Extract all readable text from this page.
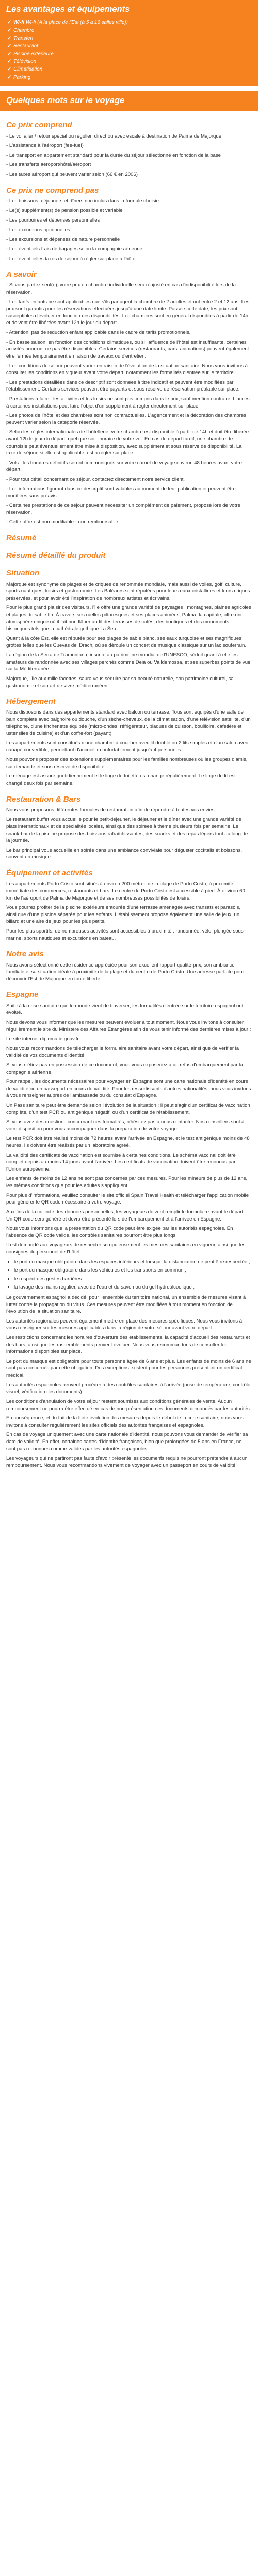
Les avantages et équipements
✓ Wi-fi Wi-fi (A la place de l'Est (à 5 à 16 salles ville))
✓ Chambre
✓ Transfert
✓ Restaurant
✓ Piscine extérieure
✓ Télévision
✓ Climatisation
✓ Parking
Quelques mots sur le voyage
Ce prix comprend

- Le vol aller / retour spécial ou régulier, direct ou avec escale à destination de Palma de Majorque

- L'assistance à l'aéroport (fee-fuel)

- Le transport en appartement standard pour la durée du séjour sélectionné en fonction de la base

- Les transferts aéroport/hôtel/aéroport

- Les taxes aéroport qui peuvent varier selon (66 € en 2006)

Ce prix ne comprend pas

- Les boissons, déjeuners et dîners non inclus dans la formule choisie

- Le(s) supplément(s) de pension possible et variable

- Les pourboires et dépenses personnelles

- Les excursions optionnelles

- Les excursions et dépenses de nature personnelle

- Les éventuels frais de bagages selon la compagnie aérienne

- Les éventuelles taxes de séjour à régler sur place à l'hôtel

A savoir

- Si vous partez seul(e), votre prix en chambre individuelle sera réajusté en cas d'indisponibilité lors de la réservation.

- Les tarifs enfants ne sont applicables que s'ils partagent la chambre de 2 adultes et ont entre 2 et 12 ans. Les prix sont garantis pour les réservations effectuées jusqu'à une date limite. Passée cette date, les prix sont susceptibles d'évoluer en fonction des disponibilités. Les chambres sont en général disponibles à partir de 14h et doivent être libérées avant 12h le jour du départ.

- Attention, pas de réduction enfant applicable dans le cadre de tarifs promotionnels.

- En basse saison, en fonction des conditions climatiques, ou si l'affluence de l'hôtel est insuffisante, certaines activités pourront ne pas être disponibles. Certains services (restaurants, bars, animations) peuvent également être fermés temporairement en raison de travaux ou d'entretien.

- Les conditions de séjour peuvent varier en raison de l'évolution de la situation sanitaire. Nous vous invitons à consulter les conditions en vigueur avant votre départ, notamment les formalités d'entrée sur le territoire.

- Les prestations détaillées dans ce descriptif sont données à titre indicatif et peuvent être modifiées par l'établissement. Certains services peuvent être payants et sous réserve de réservation préalable sur place.

- Prestations à faire : les activités et les loisirs ne sont pas compris dans le prix, sauf mention contraire. L'accès à certaines installations peut faire l'objet d'un supplément à régler directement sur place.

- Les photos de l'hôtel et des chambres sont non contractuelles. L'agencement et la décoration des chambres peuvent varier selon la catégorie réservée.

- Selon les règles internationales de l'hôtellerie, votre chambre est disponible à partir de 14h et doit être libérée avant 12h le jour du départ, quel que soit l'horaire de votre vol. En cas de départ tardif, une chambre de courtoisie peut éventuellement être mise à disposition, avec supplément et sous réserve de disponibilité. La taxe de séjour, si elle est applicable, est à régler sur place.

- Vols : les horaires définitifs seront communiqués sur votre carnet de voyage environ 48 heures avant votre départ.

- Pour tout détail concernant ce séjour, contactez directement notre service client.

- Les informations figurant dans ce descriptif sont valables au moment de leur publication et peuvent être modifiées sans préavis.

- Certaines prestations de ce séjour peuvent nécessiter un complément de paiement, proposé lors de votre réservation.

- Cette offre est non modifiable - non remboursable

Résumé
Résumé détaillé du produit
Situation

Majorque est synonyme de plages et de criques de renommée mondiale, mais aussi de voiles, golf, culture, sports nautiques, loisirs et gastronomie. Les Baléares sont réputées pour leurs eaux cristallines et leurs criques préservées, et pour avoir été l'inspiration de nombreux artistes et écrivains.

Pour le plus grand plaisir des visiteurs, l'île offre une grande variété de paysages : montagnes, plaines agricoles et plages de sable fin. À travers ses ruelles pittoresques et ses places animées, Palma, la capitale, offre une atmosphère unique où il fait bon flâner au fil des terrasses de cafés, des boutiques et des monuments historiques tels que la cathédrale gothique La Seu.

Quant à la côte Est, elle est réputée pour ses plages de sable blanc, ses eaux turquoise et ses magnifiques grottes telles que les Cuevas del Drach, où se déroule un concert de musique classique sur un lac souterrain.

La région de la Serra de Tramuntana, inscrite au patrimoine mondial de l'UNESCO, séduit quant à elle les amateurs de randonnée avec ses villages perchés comme Deià ou Valldemossa, et ses superbes points de vue sur la Méditerranée.

Majorque, l'île aux mille facettes, saura vous séduire par sa beauté naturelle, son patrimoine culturel, sa gastronomie et son art de vivre méditerranéen.

Hébergement

Nous disposons dans des appartements standard avec balcon ou terrasse. Tous sont équipés d'une salle de bain complète avec baignoire ou douche, d'un sèche-cheveux, de la climatisation, d'une télévision satellite, d'un téléphone, d'une kitchenette équipée (micro-ondes, réfrigérateur, plaques de cuisson, bouilloire, cafetière et ustensiles de cuisine) et d'un coffre-fort (payant).

Les appartements sont constitués d'une chambre à coucher avec lit double ou 2 lits simples et d'un salon avec canapé convertible, permettant d'accueillir confortablement jusqu'à 4 personnes.

Nous pouvons proposer des extensions supplémentaires pour les familles nombreuses ou les groupes d'amis, sur demande et sous réserve de disponibilité.

Le ménage est assuré quotidiennement et le linge de toilette est changé régulièrement. Le linge de lit est changé deux fois par semaine.

Restauration & Bars

Nous vous proposons différentes formules de restauration afin de répondre à toutes vos envies :

Le restaurant buffet vous accueille pour le petit-déjeuner, le déjeuner et le dîner avec une grande variété de plats internationaux et de spécialités locales, ainsi que des soirées à thème plusieurs fois par semaine. Le snack-bar de la piscine propose des boissons rafraîchissantes, des snacks et des repas légers tout au long de la journée.

Le bar principal vous accueille en soirée dans une ambiance conviviale pour déguster cocktails et boissons, souvent en musique.

Équipement et activités

Les appartements Porto Cristo sont situés à environ 200 mètres de la plage de Porto Cristo, à proximité immédiate des commerces, restaurants et bars. Le centre de Porto Cristo est accessible à pied. À environ 60 km de l'aéroport de Palma de Majorque et de ses nombreuses possibilités de loisirs.

Vous pourrez profiter de la piscine extérieure entourée d'une terrasse aménagée avec transats et parasols, ainsi que d'une piscine séparée pour les enfants. L'établissement propose également une salle de jeux, un billard et une aire de jeux pour les plus petits.

Pour les plus sportifs, de nombreuses activités sont accessibles à proximité : randonnée, vélo, plongée sous-marine, sports nautiques et excursions en bateau.

Notre avis

Nous avons sélectionné cette résidence appréciée pour son excellent rapport qualité-prix, son ambiance familiale et sa situation idéale à proximité de la plage et du centre de Porto Cristo. Une adresse parfaite pour découvrir l'Est de Majorque en toute liberté.

Espagne

Suite à la crise sanitaire que le monde vient de traverser, les formalités d'entrée sur le territoire espagnol ont évolué.

Nous devons vous informer que les mesures peuvent évoluer à tout moment. Nous vous invitons à consulter régulièrement le site du Ministère des Affaires Étrangères afin de vous tenir informé des dernières mises à jour :

Le site internet diplomatie.gouv.fr

Nous vous recommandons de télécharger le formulaire sanitaire avant votre départ, ainsi que de vérifier la validité de vos documents d'identité.

Si vous n'étiez pas en possession de ce document, vous vous exposeriez à un refus d'embarquement par la compagnie aérienne.

Pour rappel, les documents nécessaires pour voyager en Espagne sont une carte nationale d'identité en cours de validité ou un passeport en cours de validité. Pour les ressortissants d'autres nationalités, nous vous invitons à vous renseigner auprès de l'ambassade ou du consulat d'Espagne.

Un Pass sanitaire peut être demandé selon l'évolution de la situation : il peut s'agir d'un certificat de vaccination complète, d'un test PCR ou antigénique négatif, ou d'un certificat de rétablissement.

Si vous avez des questions concernant ces formalités, n'hésitez pas à nous contacter. Nos conseillers sont à votre disposition pour vous accompagner dans la préparation de votre voyage.

Le test PCR doit être réalisé moins de 72 heures avant l'arrivée en Espagne, et le test antigénique moins de 48 heures. Ils doivent être réalisés par un laboratoire agréé.

La validité des certificats de vaccination est soumise à certaines conditions. Le schéma vaccinal doit être complet depuis au moins 14 jours avant l'arrivée. Les certificats de vaccination doivent être reconnus par l'Union européenne.

Les enfants de moins de 12 ans ne sont pas concernés par ces mesures. Pour les mineurs de plus de 12 ans, les mêmes conditions que pour les adultes s'appliquent.

Pour plus d'informations, veuillez consulter le site officiel Spain Travel Health et télécharger l'application mobile pour générer le QR code nécessaire à votre voyage.

Aux fins de la collecte des données personnelles, les voyageurs doivent remplir le formulaire avant le départ. Un QR code sera généré et devra être présenté lors de l'embarquement et à l'arrivée en Espagne.

Nous vous informons que la présentation du QR code peut être exigée par les autorités espagnoles. En l'absence de QR code valide, les contrôles sanitaires pourront être plus longs.

Il est demandé aux voyageurs de respecter scrupuleusement les mesures sanitaires en vigueur, ainsi que les consignes du personnel de l'hôtel :

• le port du masque obligatoire dans les espaces intérieurs et lorsque la distanciation ne peut être respectée ;
• le port du masque obligatoire dans les véhicules et les transports en commun ;
• le respect des gestes barrières ;
• la lavage des mains régulier, avec de l'eau et du savon ou du gel hydroalcoolique ;

Le gouvernement espagnol a décidé, pour l'ensemble du territoire national, un ensemble de mesures visant à lutter contre la propagation du virus. Ces mesures peuvent être modifiées à tout moment en fonction de l'évolution de la situation sanitaire.

Les autorités régionales peuvent également mettre en place des mesures spécifiques. Nous vous invitons à vous renseigner sur les mesures applicables dans la région de votre séjour avant votre départ.

Les restrictions concernant les horaires d'ouverture des établissements, la capacité d'accueil des restaurants et des bars, ainsi que les rassemblements peuvent évoluer. Nous vous recommandons de consulter les informations disponibles sur place.

Le port du masque est obligatoire pour toute personne âgée de 6 ans et plus. Les enfants de moins de 6 ans ne sont pas concernés par cette obligation. Des exceptions existent pour les personnes présentant un certificat médical.

Les autorités espagnoles peuvent procéder à des contrôles sanitaires à l'arrivée (prise de température, contrôle visuel, vérification des documents).

Les conditions d'annulation de votre séjour restent soumises aux conditions générales de vente. Aucun remboursement ne pourra être effectué en cas de non-présentation des documents demandés par les autorités.

En conséquence, et du fait de la forte évolution des mesures depuis le début de la crise sanitaire, nous vous invitons à consulter régulièrement les sites officiels des autorités françaises et espagnoles.

En cas de voyage uniquement avec une carte nationale d'identité, nous pouvons vous demander de vérifier sa date de validité. En effet, certaines cartes d'identité françaises, bien que prolongées de 5 ans en France, ne sont pas reconnues comme valides par les autorités espagnoles.

Les voyageurs qui ne partiront pas faute d'avoir présenté les documents requis ne pourront prétendre à aucun remboursement. Nous vous recommandons vivement de voyager avec un passeport en cours de validité.
